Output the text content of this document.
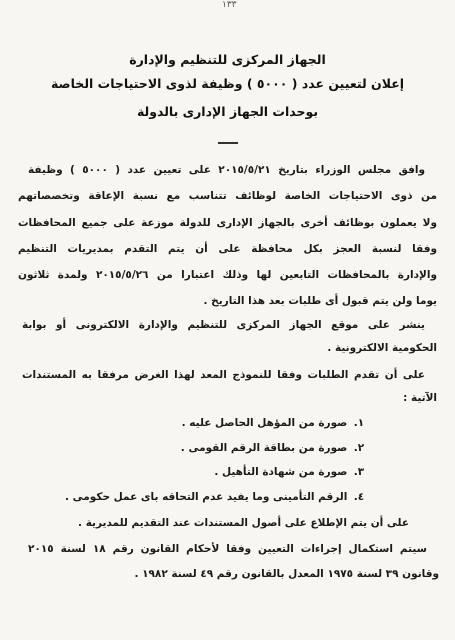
١٣٣
الجهاز المركزى للتنظيم والإدارة
إعلان لتعيين عدد ( ٥٠٠٠ ) وظيفة لذوى الاحتياجات الخاصة
بوحدات الجهاز الإدارى بالدولة
وافق مجلس الوزراء بتاريخ ٢٠١٥/٥/٢١ على تعيين عدد ( ٥٠٠٠ ) وظيفة
من ذوى الاحتياجات الخاصة لوظائف تتناسب مع نسبة الإعاقة وتخصصاتهم
ولا يعملون بوظائف أخرى بالجهاز الإدارى للدولة موزعة على جميع المحافظات
وفقا لنسبة العجز بكل محافظة على أن يتم التقدم بمديريات التنظيم
والإدارة بالمحافظات التابعين لها وذلك اعتبارا من ٢٠١٥/٥/٢٦ ولمدة ثلاثون
يوما ولن يتم قبول أى طلبات بعد هذا التاريخ .
ينشر على موقع الجهاز المركزى للتنظيم والإدارة الالكترونى أو بوابة
الحكومية الالكترونية .
على أن تقدم الطلبات وفقا للنموذج المعد لهذا الغرض مرفقا به المستندات
الآتية :
١. صورة من المؤهل الحاصل عليه .
٢. صورة من بطاقة الرقم القومى .
٣. صورة من شهادة التأهيل .
٤. الرقم التأمينى وما يفيد عدم التحاقه باى عمل حكومى .
على أن يتم الإطلاع على أصول المستندات عند التقديم للمديرية .
سيتم استكمال إجراءات التعيين وفقا لأحكام القانون رقم ١٨ لسنة ٢٠١٥
وقانون ٣٩ لسنة ١٩٧٥ المعدل بالقانون رقم ٤٩ لسنة ١٩٨٢ .
